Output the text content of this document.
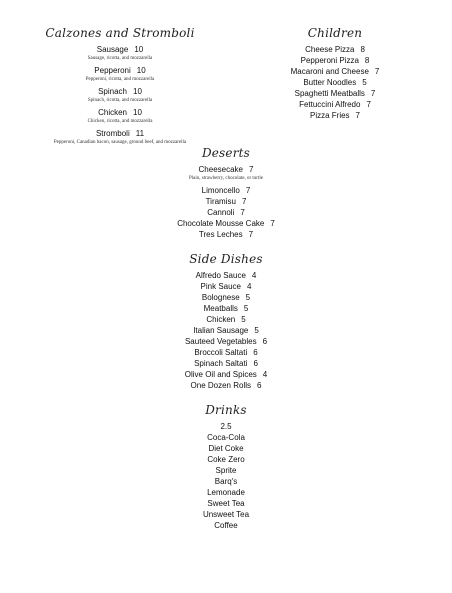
Calzones and Stromboli

Sausage 10

Sausage, ricotta, and mozzarella

Pepperoni 10

Pepperoni, ricotta, and mozzarella

Spinach 10

Spinach, ricotta, and mozzarella

Chicken 10

Chicken, ricotta, and mozzarella

Stromboli 11

Pepperoni, Canadian bacon, sausage, ground beef, and mozzarella

Children

Cheese Pizza 8

Pepperoni Pizza 8

Macaroni and Cheese 7

Butter Noodles 5

Spaghetti Meatballs 7

Fettuccini Alfredo 7

Pizza Fries 7

Deserts

Cheesecake 7

Plain, strawberry, chocolate, or turtle

Limoncello 7

Tiramisu 7

Cannoli 7

Chocolate Mousse Cake 7

Tres Leches 7

Side Dishes

Alfredo Sauce 4

Pink Sauce 4

Bolognese 5

Meatballs 5

Chicken 5

Italian Sausage 5

Sauteed Vegetables 6

Broccoli Saltati 6

Spinach Saltati 6

Olive Oil and Spices 4

One Dozen Rolls 6

Drinks

2.5

Coca-Cola

Diet Coke

Coke Zero

Sprite

Barq's

Lemonade

Sweet Tea

Unsweet Tea

Coffee
